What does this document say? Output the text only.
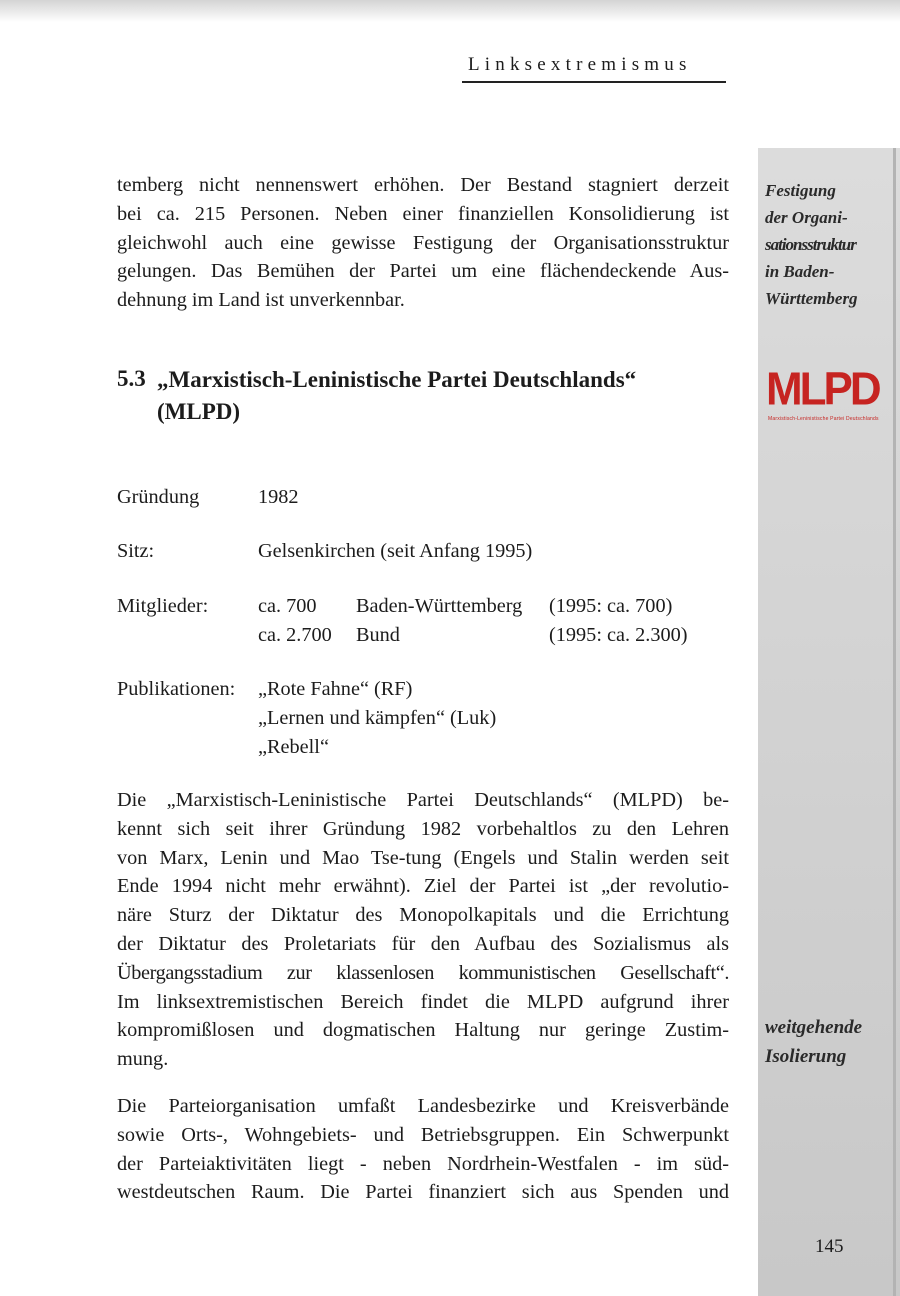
Linksextremismus

temberg nicht nennenswert erhöhen. Der Bestand stagniert derzeit
bei ca. 215 Personen. Neben einer finanziellen Konsolidierung ist
gleichwohl auch eine gewisse Festigung der Organisationsstruktur
gelungen. Das Bemühen der Partei um eine flächendeckende Aus-
dehnung im Land ist unverkennbar.

Festigung
der Organi-
sationsstruktur
in Baden-
Württemberg
5.3 „Marxistisch-Leninistische Partei Deutschlands“
(MLPD)	MLPD
Marxistisch-Leninistische Partei Deutschlands
Gründung	1982
Sitz:	Gelsenkirchen (seit Anfang 1995)
Mitglieder: ca. 700 Baden-Württemberg (1995: ca. 700)
ca. 2.700 Bund	(1995: ca. 2.300)
Publikationen: „Rote Fahne“ (RF)
„Lernen und kämpfen“ (Luk)
„Rebell“

Die „Marxistisch-Leninistische Partei Deutschlands“ (MLPD) be-
kennt sich seit ihrer Gründung 1982 vorbehaltlos zu den Lehren
von Marx, Lenin und Mao Tse-tung (Engels und Stalin werden seit
Ende 1994 nicht mehr erwähnt). Ziel der Partei ist „der revolutio-
näre Sturz der Diktatur des Monopolkapitals und die Errichtung
der Diktatur des Proletariats für den Aufbau des Sozialismus als
Übergangsstadium zur klassenlosen kommunistischen Gesellschaft“.
Im linksextremistischen Bereich findet die MLPD aufgrund ihrer
kompromißlosen und dogmatischen Haltung nur geringe Zustim-
mung.

weitgehende
Isolierung

Die Parteiorganisation umfaßt Landesbezirke und Kreisverbände
sowie Orts-, Wohngebiets- und Betriebsgruppen. Ein Schwerpunkt
der Parteiaktivitäten liegt - neben Nordrhein-Westfalen - im süd-
westdeutschen Raum. Die Partei finanziert sich aus Spenden und

145
